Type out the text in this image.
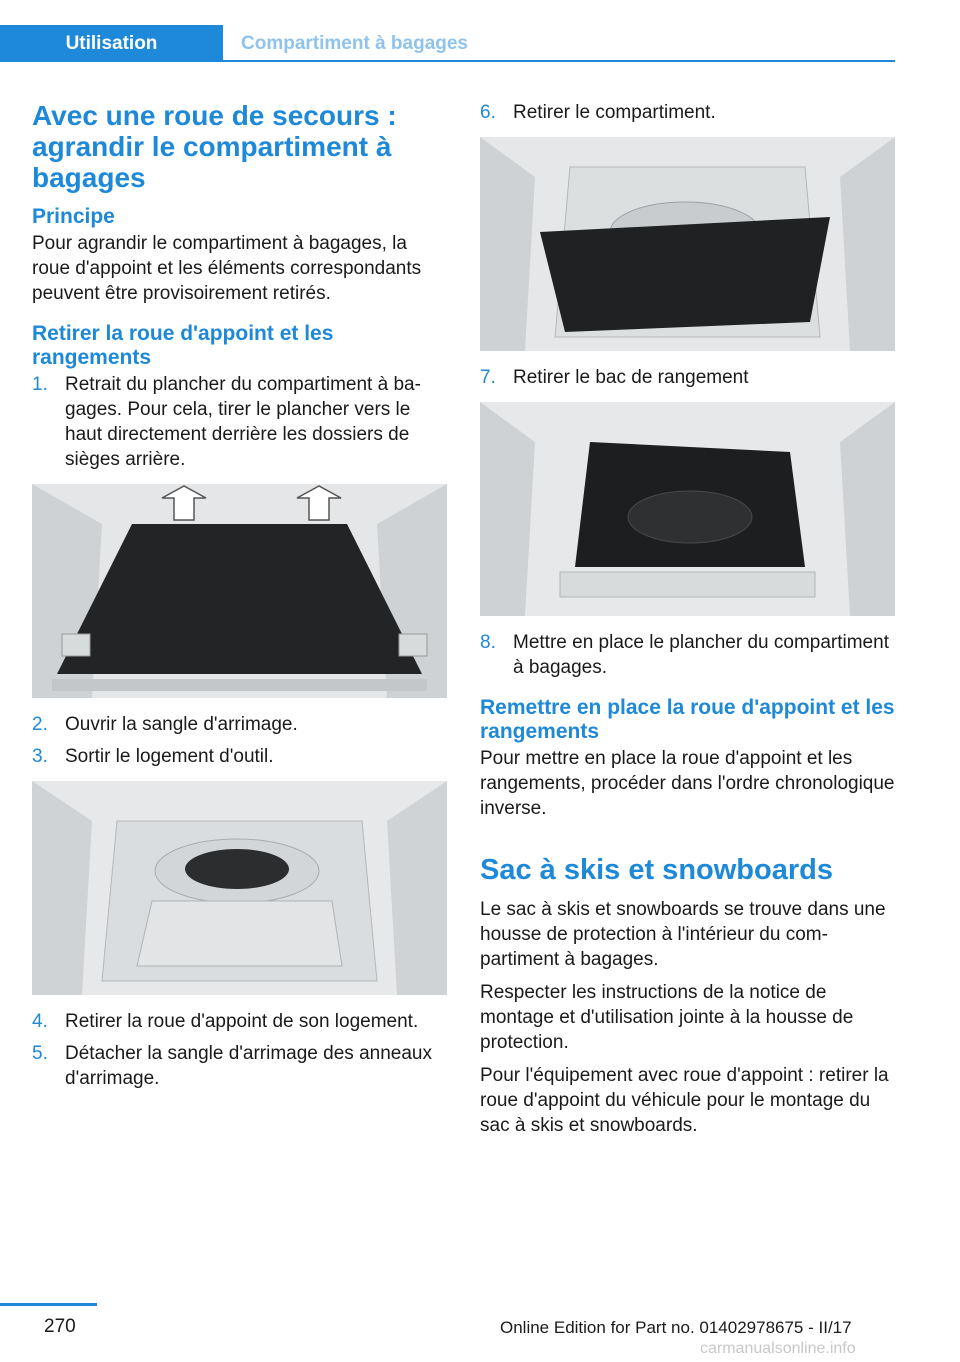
Utilisation	Compartiment à bagages
Avec une roue de secours : agrandir le compartiment à bagages
Principe

Pour agrandir le compartiment à bagages, la roue d'appoint et les éléments correspondants peuvent être provisoirement retirés.

Retirer la roue d'appoint et les rangements
1. Retrait du plancher du compartiment à bagages. Pour cela, tirer le plancher vers le haut directement derrière les dossiers de sièges arrière.
2. Ouvrir la sangle d'arrimage.
3. Sortir le logement d'outil.
4. Retirer la roue d'appoint de son logement.
5. Détacher la sangle d'arrimage des anneaux d'arrimage.
6. Retirer le compartiment.
7. Retirer le bac de rangement
8. Mettre en place le plancher du compartiment à bagages.
Remettre en place la roue d'appoint et les rangements

Pour mettre en place la roue d'appoint et les rangements, procéder dans l'ordre chronologique inverse.

Sac à skis et snowboards

Le sac à skis et snowboards se trouve dans une housse de protection à l'intérieur du compartiment à bagages.

Respecter les instructions de la notice de montage et d'utilisation jointe à la housse de protection.

Pour l'équipement avec roue d'appoint : retirer la roue d'appoint du véhicule pour le montage du sac à skis et snowboards.

270	Online Edition for Part no. 01402978675 - II/17
carmanualsonline.info
